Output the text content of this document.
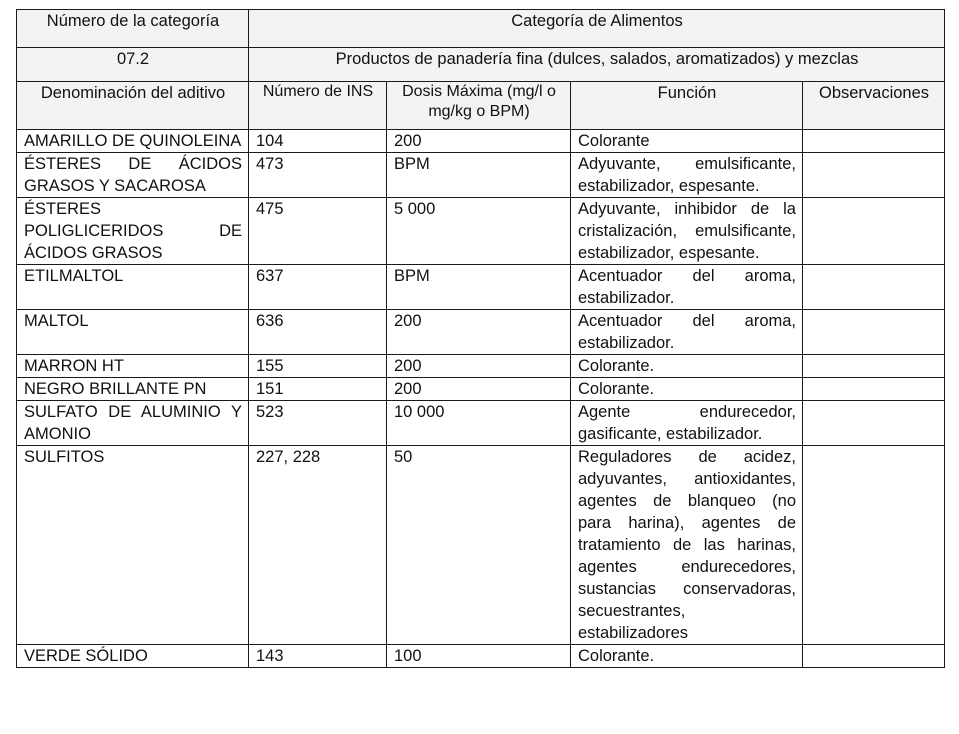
Número de la categoría	Categoría de Alimentos			
07.2	Productos de panadería fina (dulces, salados, aromatizados) y mezclas			
Denominación del aditivo	Número de INS	Dosis Máxima (mg/l o mg/kg o BPM)	Función	Observaciones
AMARILLO DE QUINOLEINA	104	200	Colorante	
ÉSTERES DE ÁCIDOS GRASOS Y SACAROSA	473	BPM	Adyuvante, emulsificante, estabilizador, espesante.	
ÉSTERES POLIGLICERIDOS DE ÁCIDOS GRASOS	475	5 000	Adyuvante, inhibidor de la cristalización, emulsificante, estabilizador, espesante.	
ETILMALTOL	637	BPM	Acentuador del aroma, estabilizador.	
MALTOL	636	200	Acentuador del aroma, estabilizador.	
MARRON HT	155	200	Colorante.	
NEGRO BRILLANTE PN	151	200	Colorante.	
SULFATO DE ALUMINIO Y AMONIO	523	10 000	Agente endurecedor, gasificante, estabilizador.	
SULFITOS	227, 228	50	Reguladores de acidez, adyuvantes, antioxidantes, agentes de blanqueo (no para harina), agentes de tratamiento de las harinas, agentes endurecedores, sustancias conservadoras, secuestrantes, estabilizadores	
VERDE SÓLIDO	143	100	Colorante.	
